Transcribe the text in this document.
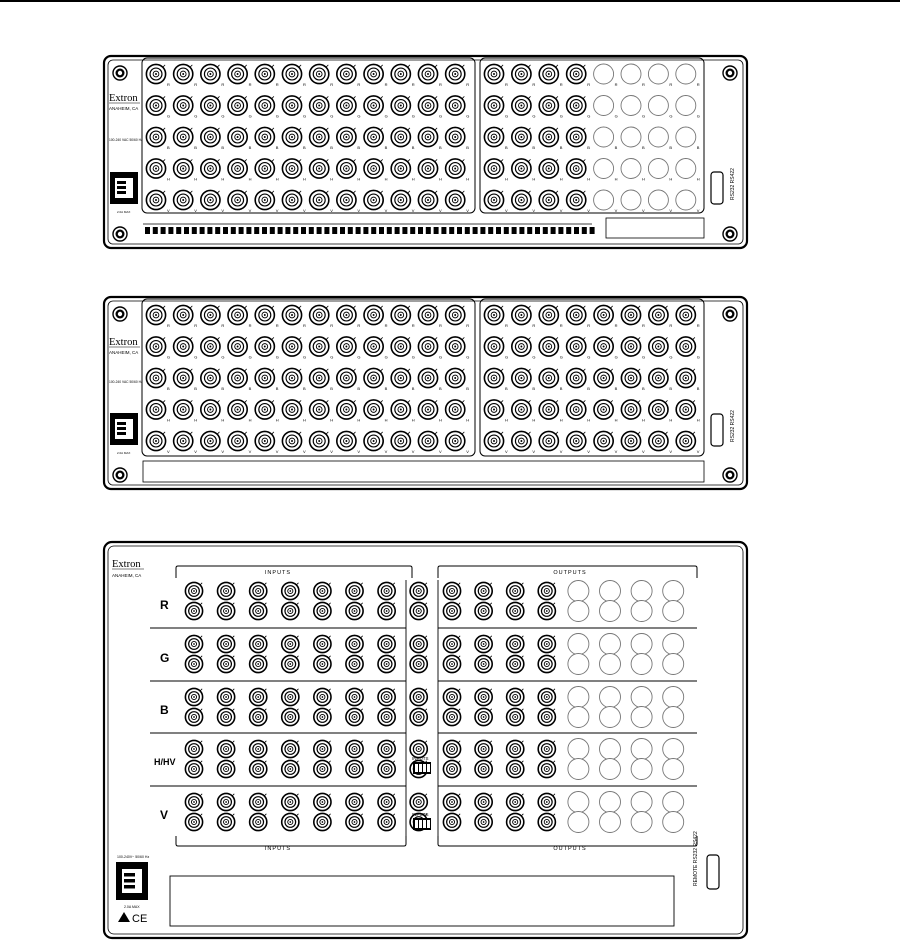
R	R	R	R	R	R	R	R	R	R	R	R	R	R	R	R	R	R	R	R
G	G	G	G	G	G	G	G	G	G	G	G	G	G	G	G	G	G	G	G
B	B	B	B	B	B	B	B	B	B	B	B	B	B	B	B	B	B	B	B
H	H	H	H	H	H	H	H	H	H	H	H	H	H	H	H	H	H	H	H
V	V	V	V	V	V	V	V	V	V	V	V	V	V	V	V	V	V	V	V
Extron
ANAHEIM, CA
100-240 VAC 50/60 Hz
2.0A MAX
RS232 RS422
R	R	R	R	R	R	R	R	R	R	R	R	R	R	R	R	R	R	R	R
G	G	G	G	G	G	G	G	G	G	G	G	G	G	G	G	G	G	G	G
B	B	B	B	B	B	B	B	B	B	B	B	B	B	B	B	B	B	B	B
H	H	H	H	H	H	H	H	H	H	H	H	H	H	H	H	H	H	H	H
V	V	V	V	V	V	V	V	V	V	V	V	V	V	V	V	V	V	V	V
Extron
ANAHEIM, CA
100-240 VAC 50/60 Hz
2.0A MAX
RS232 RS422
Extron
ANAHEIM, CA	INPUTS	OUTPUTS
INPUTS	OUTPUTS
R
G
B
H/HV
V
INPUTS
INPUTS
100-240V~ 50/60 Hz
2.0A MAX
CE
REMOTE RS232 RS422
